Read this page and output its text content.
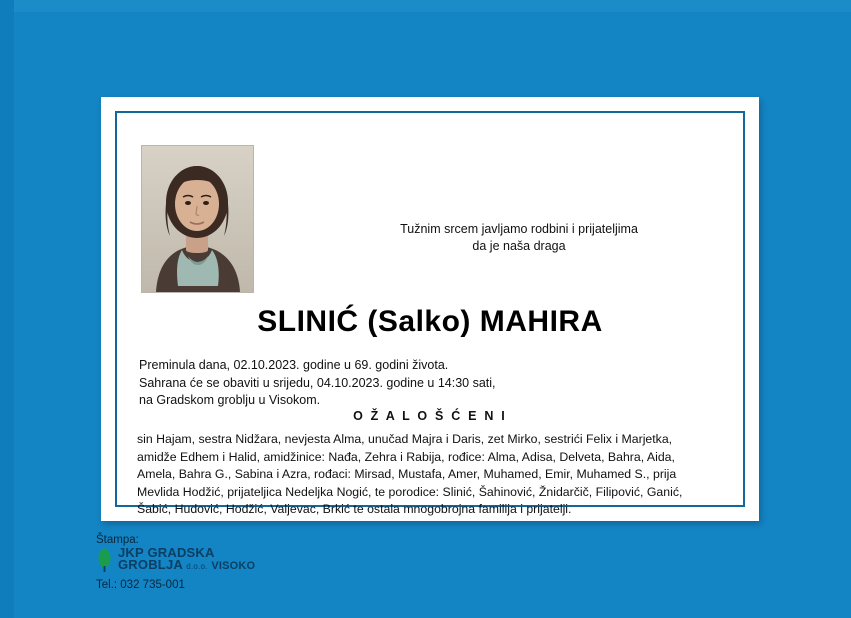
Tužnim srcem javljamo rodbini i prijateljima
da je naša draga
SLINIĆ (Salko) MAHIRA
Preminula dana, 02.10.2023. godine u 69. godini života.
Sahrana će se obaviti u srijedu, 04.10.2023. godine u 14:30 sati,
na Gradskom groblju u Visokom.
O Ž A L O Š Ć E N I
sin Hajam, sestra Nidžara, nevjesta Alma, unučad Majra i Daris, zet Mirko, sestrići Felix i Marjetka,
amidže Edhem i Halid, amidžinice: Nađa, Zehra i Rabija, rođice: Alma, Adisa, Delveta, Bahra, Aida,
Amela, Bahra G., Sabina i Azra, rođaci: Mirsad, Mustafa, Amer, Muhamed, Emir, Muhamed S., prija
Mevlida Hodžić, prijateljica Nedeljka Nogić, te porodice: Slinić, Šahinović, Žnidarčič, Filipović, Ganić,
Šabić, Hudović, Hodžić, Valjevac, Brkić te ostala mnogobrojna familija i prijatelji.
Štampa:
JKP GRADSKA
GROBLJA d.o.o. VISOKO
Tel.: 032 735-001
